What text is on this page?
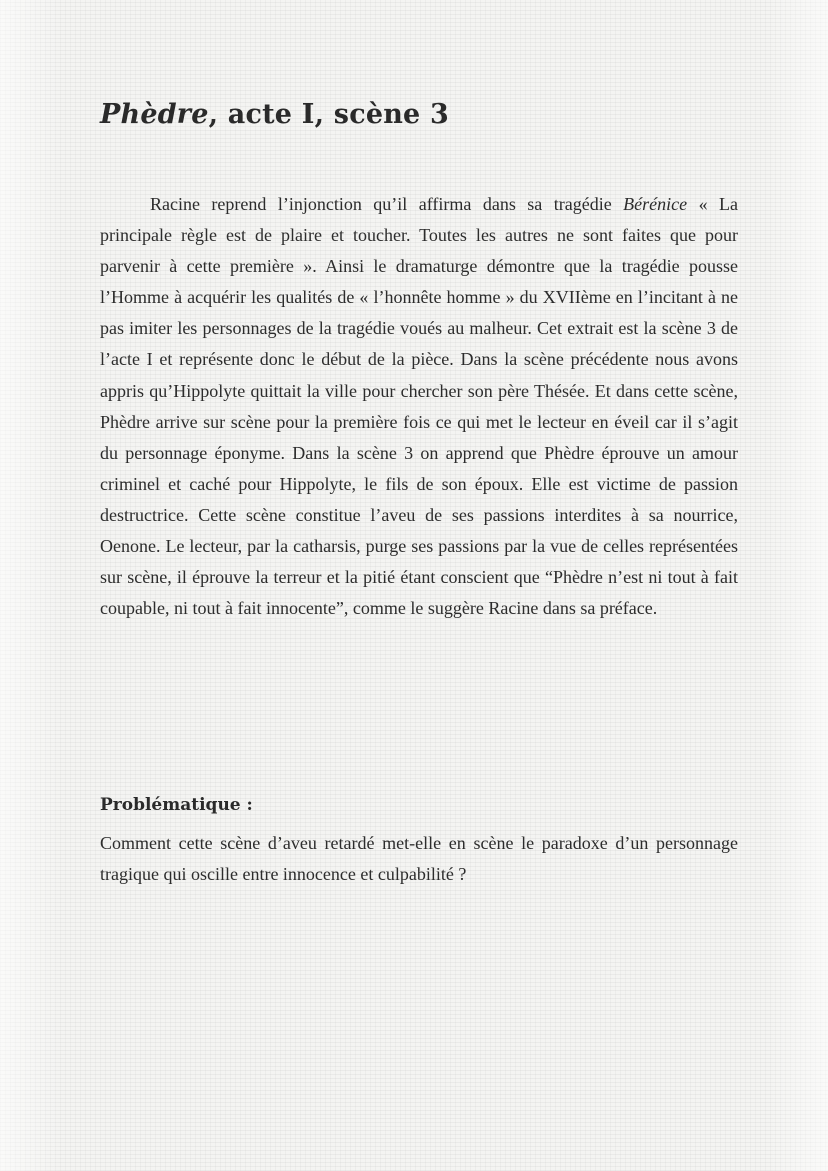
Phèdre, acte I, scène 3

Racine reprend l’injonction qu’il affirma dans sa tragédie Bérénice « La principale règle est de plaire et toucher. Toutes les autres ne sont faites que pour parvenir à cette première ». Ainsi le dramaturge démontre que la tragédie pousse l’Homme à acquérir les qualités de « l’honnête homme » du XVIIème en l’incitant à ne pas imiter les personnages de la tragédie voués au malheur. Cet extrait est la scène 3 de l’acte I et représente donc le début de la pièce. Dans la scène précédente nous avons appris qu’Hippolyte quittait la ville pour chercher son père Thésée. Et dans cette scène, Phèdre arrive sur scène pour la première fois ce qui met le lecteur en éveil car il s’agit du personnage éponyme. Dans la scène 3 on apprend que Phèdre éprouve un amour criminel et caché pour Hippolyte, le fils de son époux. Elle est victime de passion destructrice. Cette scène constitue l’aveu de ses passions interdites à sa nourrice, Oenone. Le lecteur, par la catharsis, purge ses passions par la vue de celles représentées sur scène, il éprouve la terreur et la pitié étant conscient que “Phèdre n’est ni tout à fait coupable, ni tout à fait innocente”, comme le suggère Racine dans sa préface.

Problématique :

Comment cette scène d’aveu retardé met-elle en scène le paradoxe d’un personnage tragique qui oscille entre innocence et culpabilité ?
